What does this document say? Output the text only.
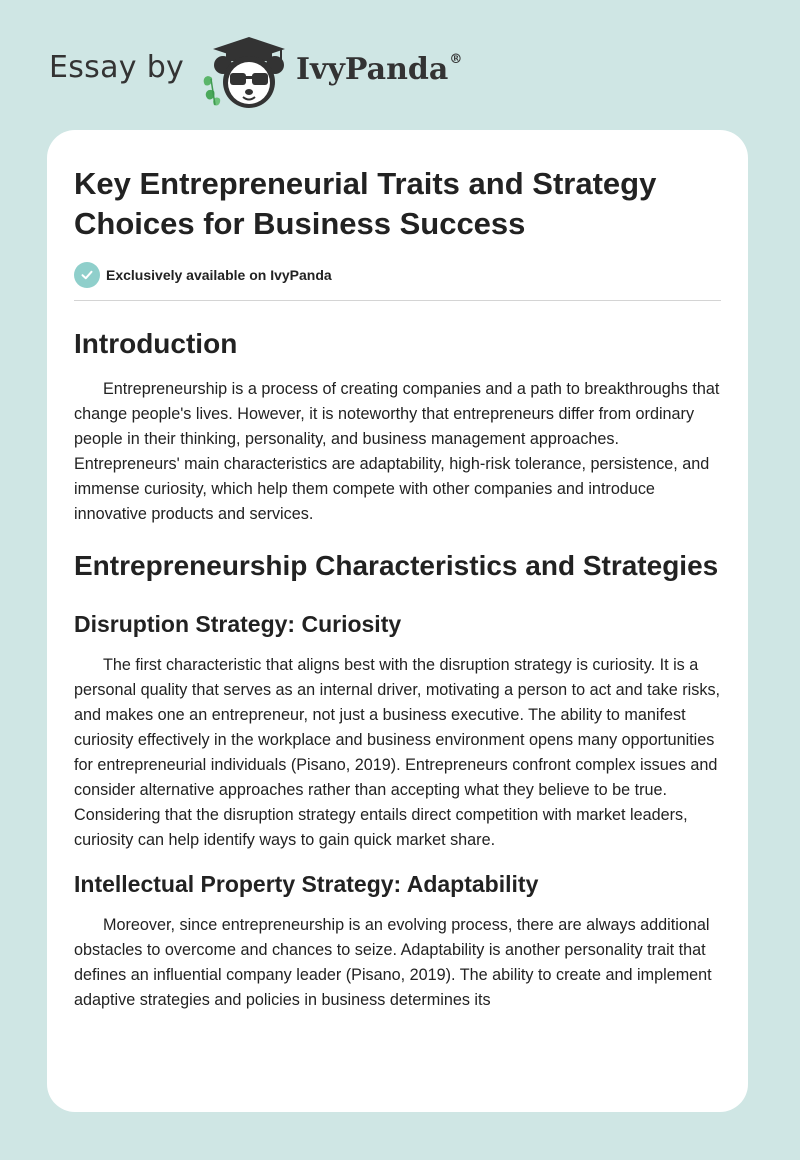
Essay by	IvyPanda®
Key Entrepreneurial Traits and Strategy Choices for Business Success
Exclusively available on IvyPanda
Introduction

Entrepreneurship is a process of creating companies and a path to breakthroughs that change people's lives. However, it is noteworthy that entrepreneurs differ from ordinary people in their thinking, personality, and business management approaches. Entrepreneurs' main characteristics are adaptability, high-risk tolerance, persistence, and immense curiosity, which help them compete with other companies and introduce innovative products and services.

Entrepreneurship Characteristics and Strategies
Disruption Strategy: Curiosity

The first characteristic that aligns best with the disruption strategy is curiosity. It is a personal quality that serves as an internal driver, motivating a person to act and take risks, and makes one an entrepreneur, not just a business executive. The ability to manifest curiosity effectively in the workplace and business environment opens many opportunities for entrepreneurial individuals (Pisano, 2019). Entrepreneurs confront complex issues and consider alternative approaches rather than accepting what they believe to be true. Considering that the disruption strategy entails direct competition with market leaders, curiosity can help identify ways to gain quick market share.

Intellectual Property Strategy: Adaptability

Moreover, since entrepreneurship is an evolving process, there are always additional obstacles to overcome and chances to seize. Adaptability is another personality trait that defines an influential company leader (Pisano, 2019). The ability to create and implement adaptive strategies and policies in business determines its
